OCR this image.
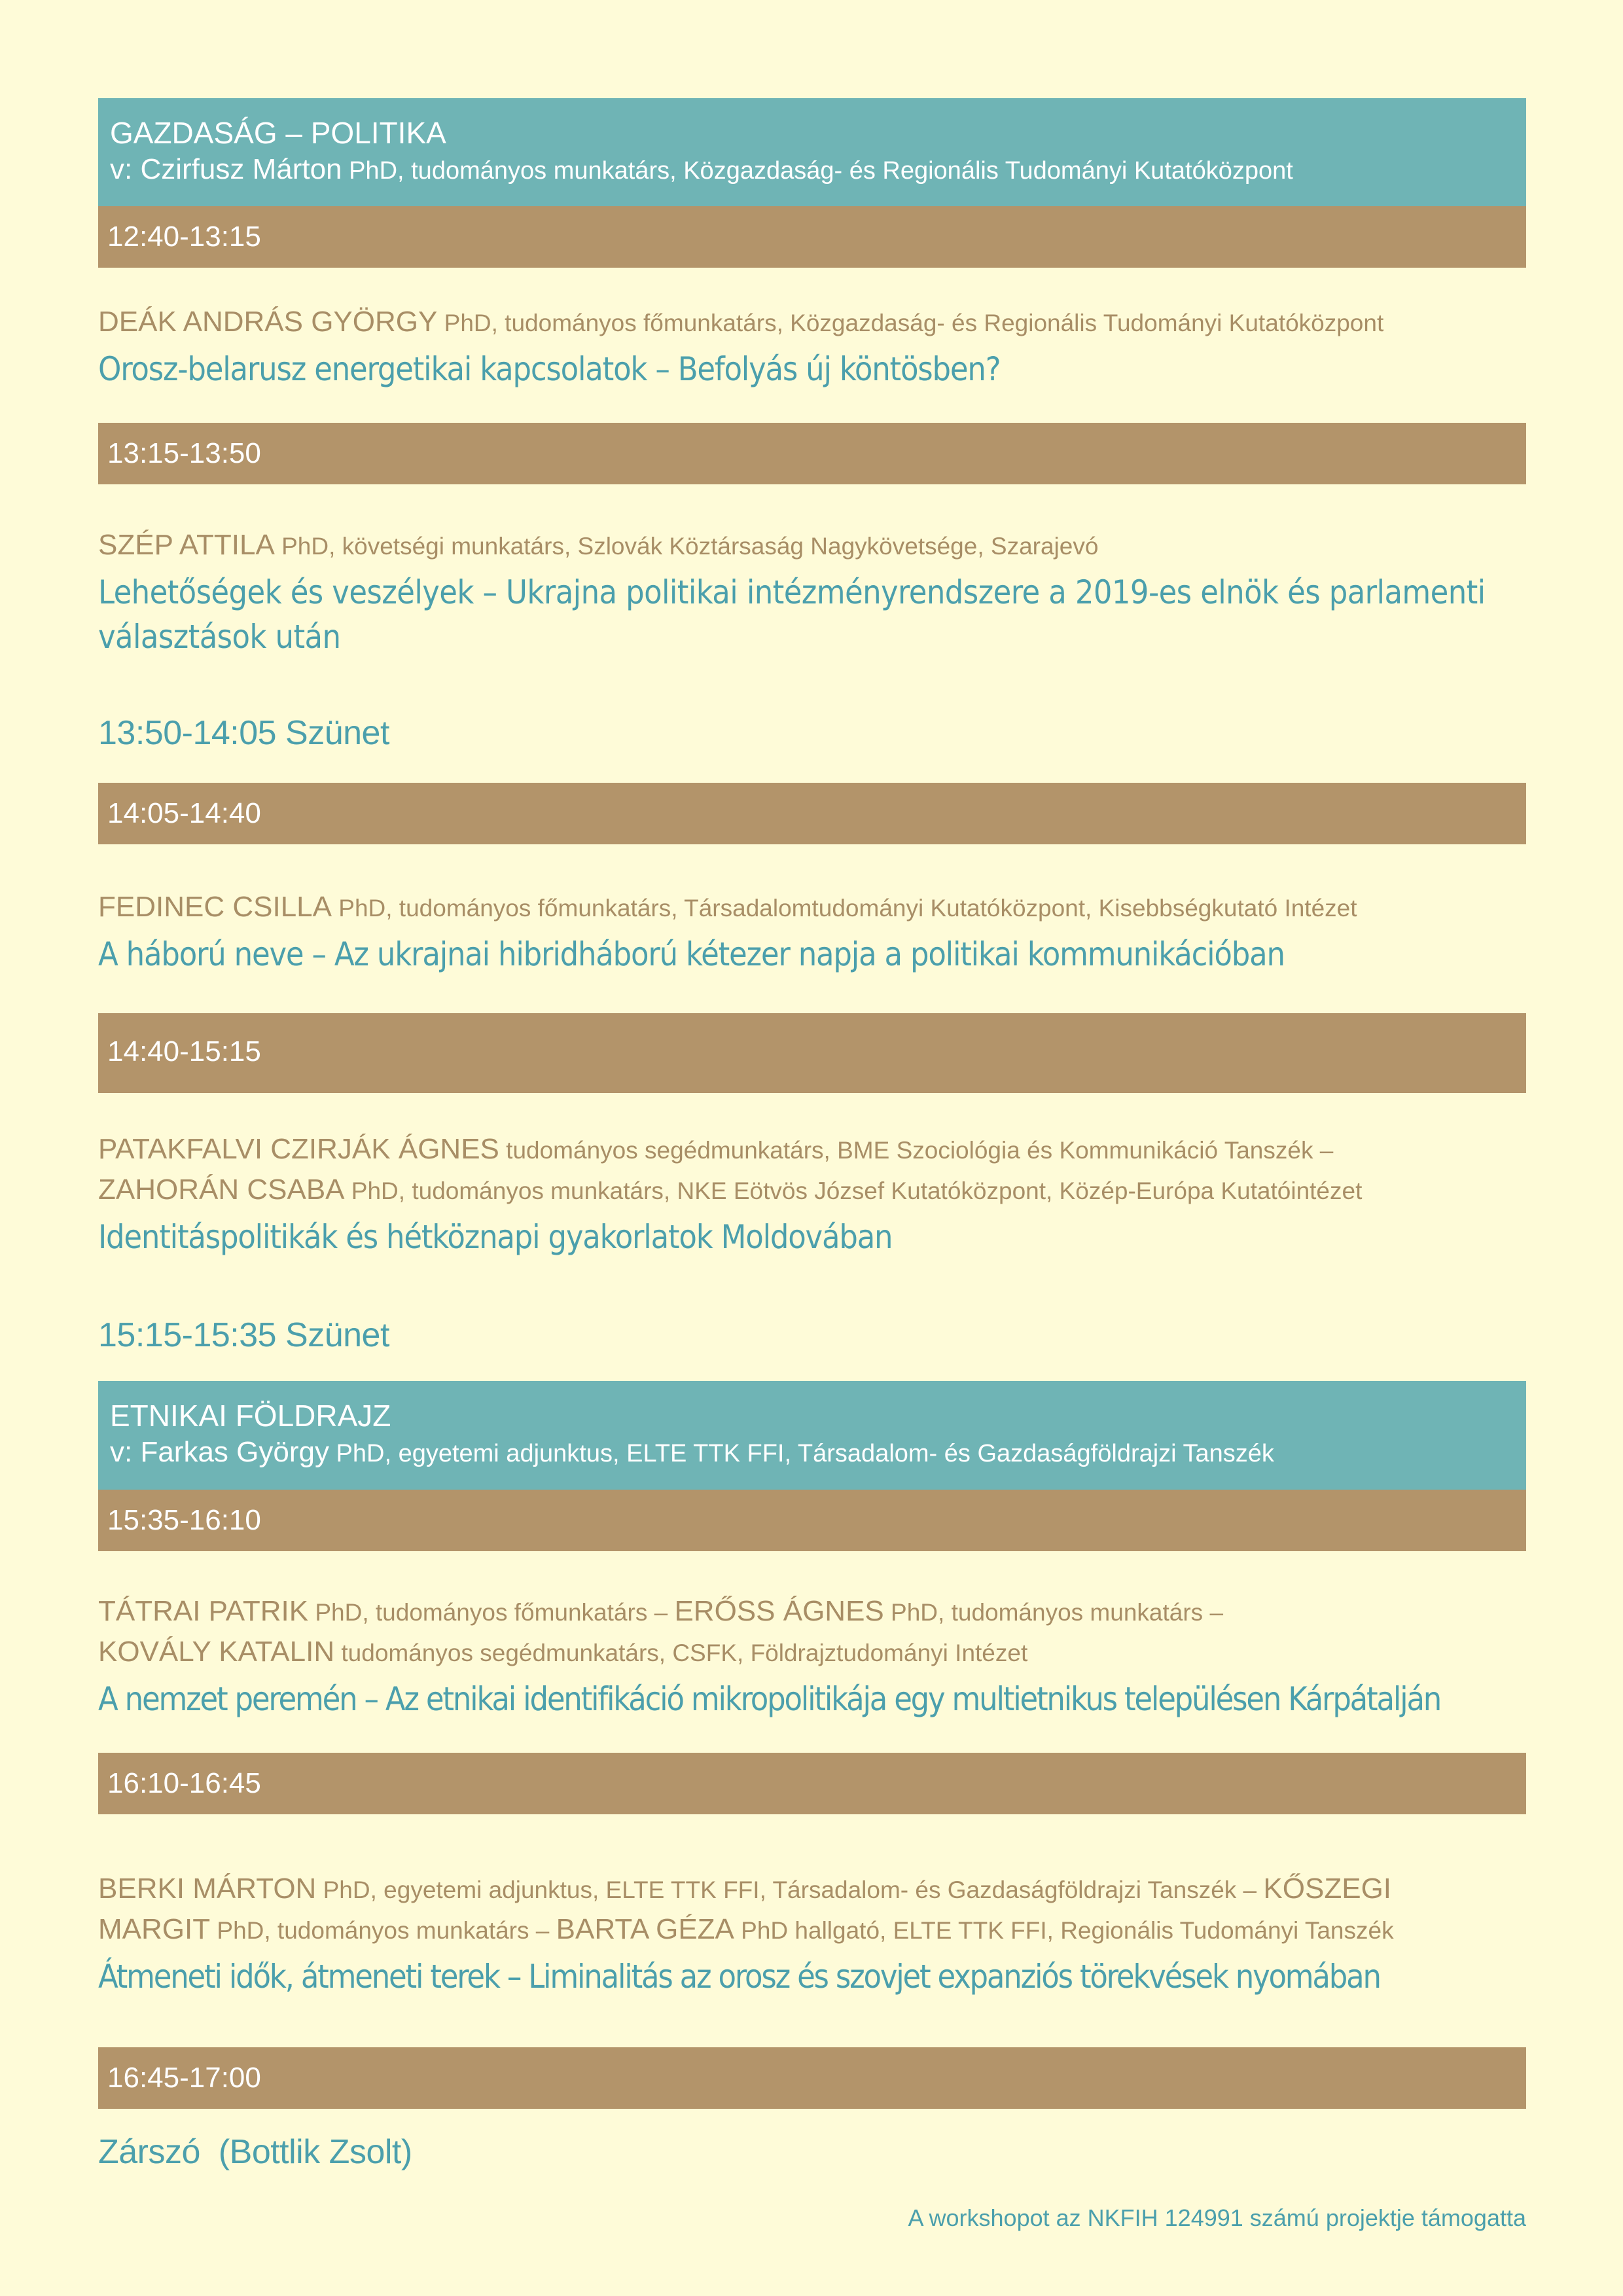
GAZDASÁG – POLITIKA
v: Czirfusz Márton PhD, tudományos munkatárs, Közgazdaság- és Regionális Tudományi Kutatóközpont
12:40-13:15
DEÁK ANDRÁS GYÖRGY PhD, tudományos főmunkatárs, Közgazdaság- és Regionális Tudományi Kutatóközpont
Orosz-belarusz energetikai kapcsolatok – Befolyás új köntösben?
13:15-13:50
SZÉP ATTILA PhD, követségi munkatárs, Szlovák Köztársaság Nagykövetsége, Szarajevó
Lehetőségek és veszélyek – Ukrajna politikai intézményrendszere a 2019-es elnök és parlamenti választások után
13:50-14:05 Szünet
14:05-14:40
FEDINEC CSILLA PhD, tudományos főmunkatárs, Társadalomtudományi Kutatóközpont, Kisebbségkutató Intézet
A háború neve – Az ukrajnai hibridháború kétezer napja a politikai kommunikációban
14:40-15:15
PATAKFALVI CZIRJÁK ÁGNES tudományos segédmunkatárs, BME Szociológia és Kommunikáció Tanszék –
ZAHORÁN CSABA PhD, tudományos munkatárs, NKE Eötvös József Kutatóközpont, Közép-Európa Kutatóintézet
Identitáspolitikák és hétköznapi gyakorlatok Moldovában
15:15-15:35 Szünet
ETNIKAI FÖLDRAJZ
v: Farkas György PhD, egyetemi adjunktus, ELTE TTK FFI, Társadalom- és Gazdaságföldrajzi Tanszék
15:35-16:10
TÁTRAI PATRIK PhD, tudományos főmunkatárs – ERŐSS ÁGNES PhD, tudományos munkatárs –
KOVÁLY KATALIN tudományos segédmunkatárs, CSFK, Földrajztudományi Intézet
A nemzet peremén – Az etnikai identifikáció mikropolitikája egy multietnikus településen Kárpátalján
16:10-16:45
BERKI MÁRTON PhD, egyetemi adjunktus, ELTE TTK FFI, Társadalom- és Gazdaságföldrajzi Tanszék – KŐSZEGI
MARGIT PhD, tudományos munkatárs – BARTA GÉZA PhD hallgató, ELTE TTK FFI, Regionális Tudományi Tanszék
Átmeneti idők, átmeneti terek – Liminalitás az orosz és szovjet expanziós törekvések nyomában
16:45-17:00
Zárszó  (Bottlik Zsolt)
A workshopot az NKFIH 124991 számú projektje támogatta
